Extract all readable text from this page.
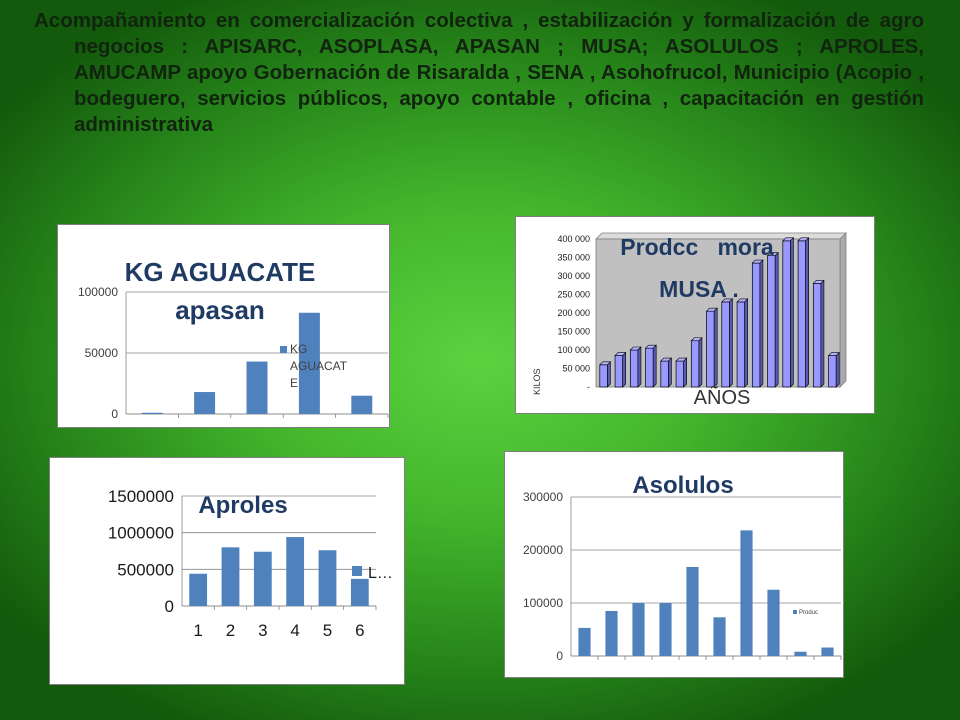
Acompañamiento en comercialización colectiva , estabilización y formalización de agro negocios : APISARC, ASOPLASA, APASAN ; MUSA; ASOLULOS ; APROLES, AMUCAMP apoyo Gobernación de Risaralda , SENA , Asohofrucol, Municipio (Acopio , bodeguero, servicios públicos, apoyo contable , oficina , capacitación en gestión administrativa

KG AGUACATE
apasan
0
50000
100000
KG
AGUACAT
E	-
50 000
100 000
150 000
200 000
250 000
300 000
350 000
400 000 Prodcc   mora
MUSA .
AÑOS
KILOS
0
500000
1000000
1500000
1 2 3 4 5 6
Aproles
L…
0
100000
200000
300000	Asolulos
Produc
